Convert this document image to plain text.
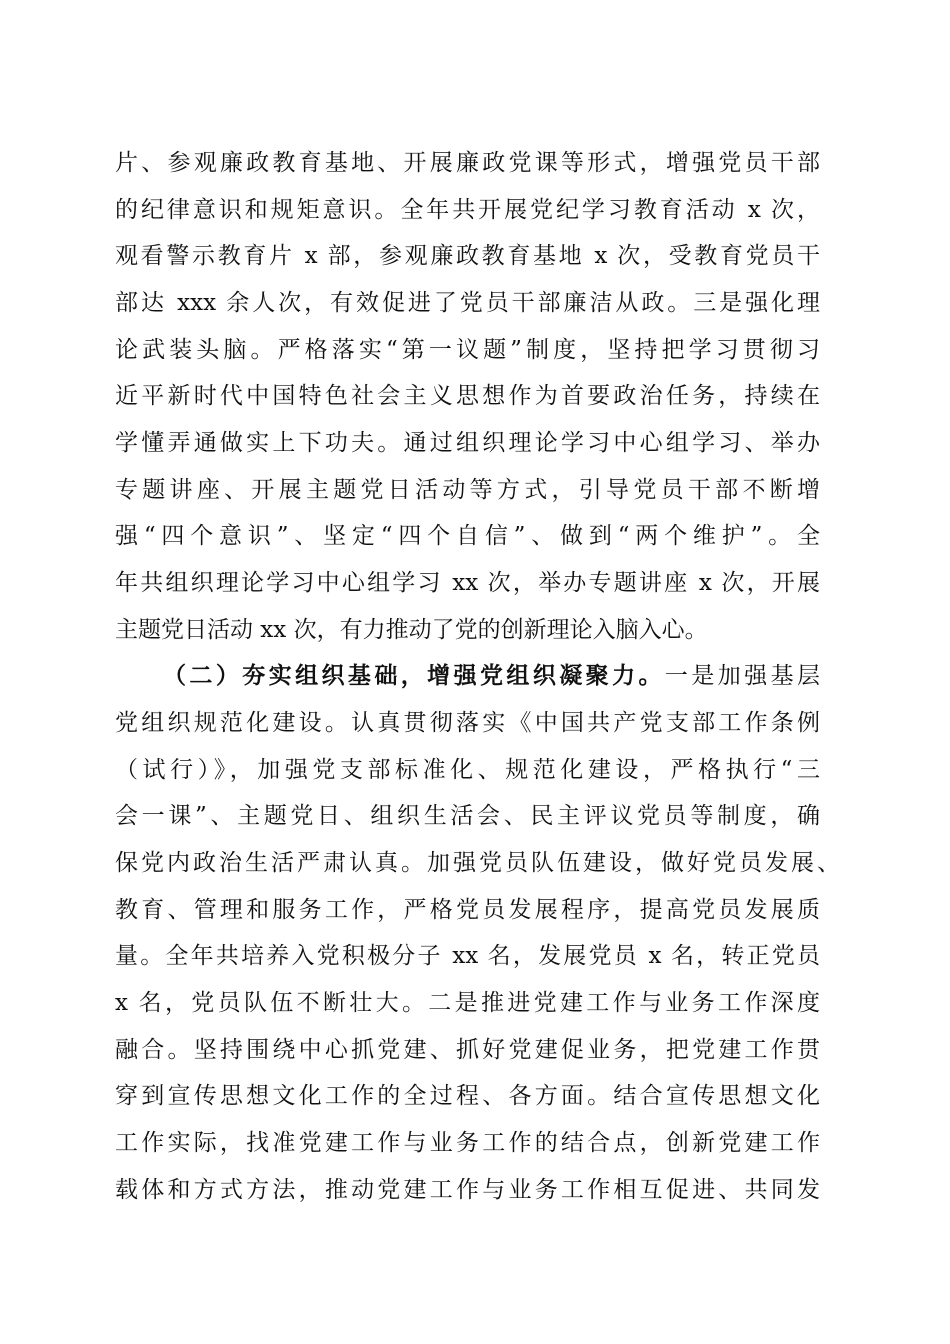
片、参观廉政教育基地、开展廉政党课等形式，增强党员干部
的纪律意识和规矩意识。全年共开展党纪学习教育活动 x 次，
观看警示教育片 x 部，参观廉政教育基地 x 次，受教育党员干
部达 xxx 余人次，有效促进了党员干部廉洁从政。三是强化理
论武装头脑。严格落实“第一议题”制度，坚持把学习贯彻习
近平新时代中国特色社会主义思想作为首要政治任务，持续在
学懂弄通做实上下功夫。通过组织理论学习中心组学习、举办
专题讲座、开展主题党日活动等方式，引导党员干部不断增
强“四个意识”、坚定“四个自信”、做到“两个维护”。全
年共组织理论学习中心组学习 xx 次，举办专题讲座 x 次，开展
主题党日活动 xx 次，有力推动了党的创新理论入脑入心。
（二）夯实组织基础，增强党组织凝聚力。一是加强基层
党组织规范化建设。认真贯彻落实《中国共产党支部工作条例
（试行）》，加强党支部标准化、规范化建设，严格执行“三
会一课”、主题党日、组织生活会、民主评议党员等制度，确
保党内政治生活严肃认真。加强党员队伍建设，做好党员发展、
教育、管理和服务工作，严格党员发展程序，提高党员发展质
量。全年共培养入党积极分子 xx 名，发展党员 x 名，转正党员
x 名，党员队伍不断壮大。二是推进党建工作与业务工作深度
融合。坚持围绕中心抓党建、抓好党建促业务，把党建工作贯
穿到宣传思想文化工作的全过程、各方面。结合宣传思想文化
工作实际，找准党建工作与业务工作的结合点，创新党建工作
载体和方式方法，推动党建工作与业务工作相互促进、共同发
